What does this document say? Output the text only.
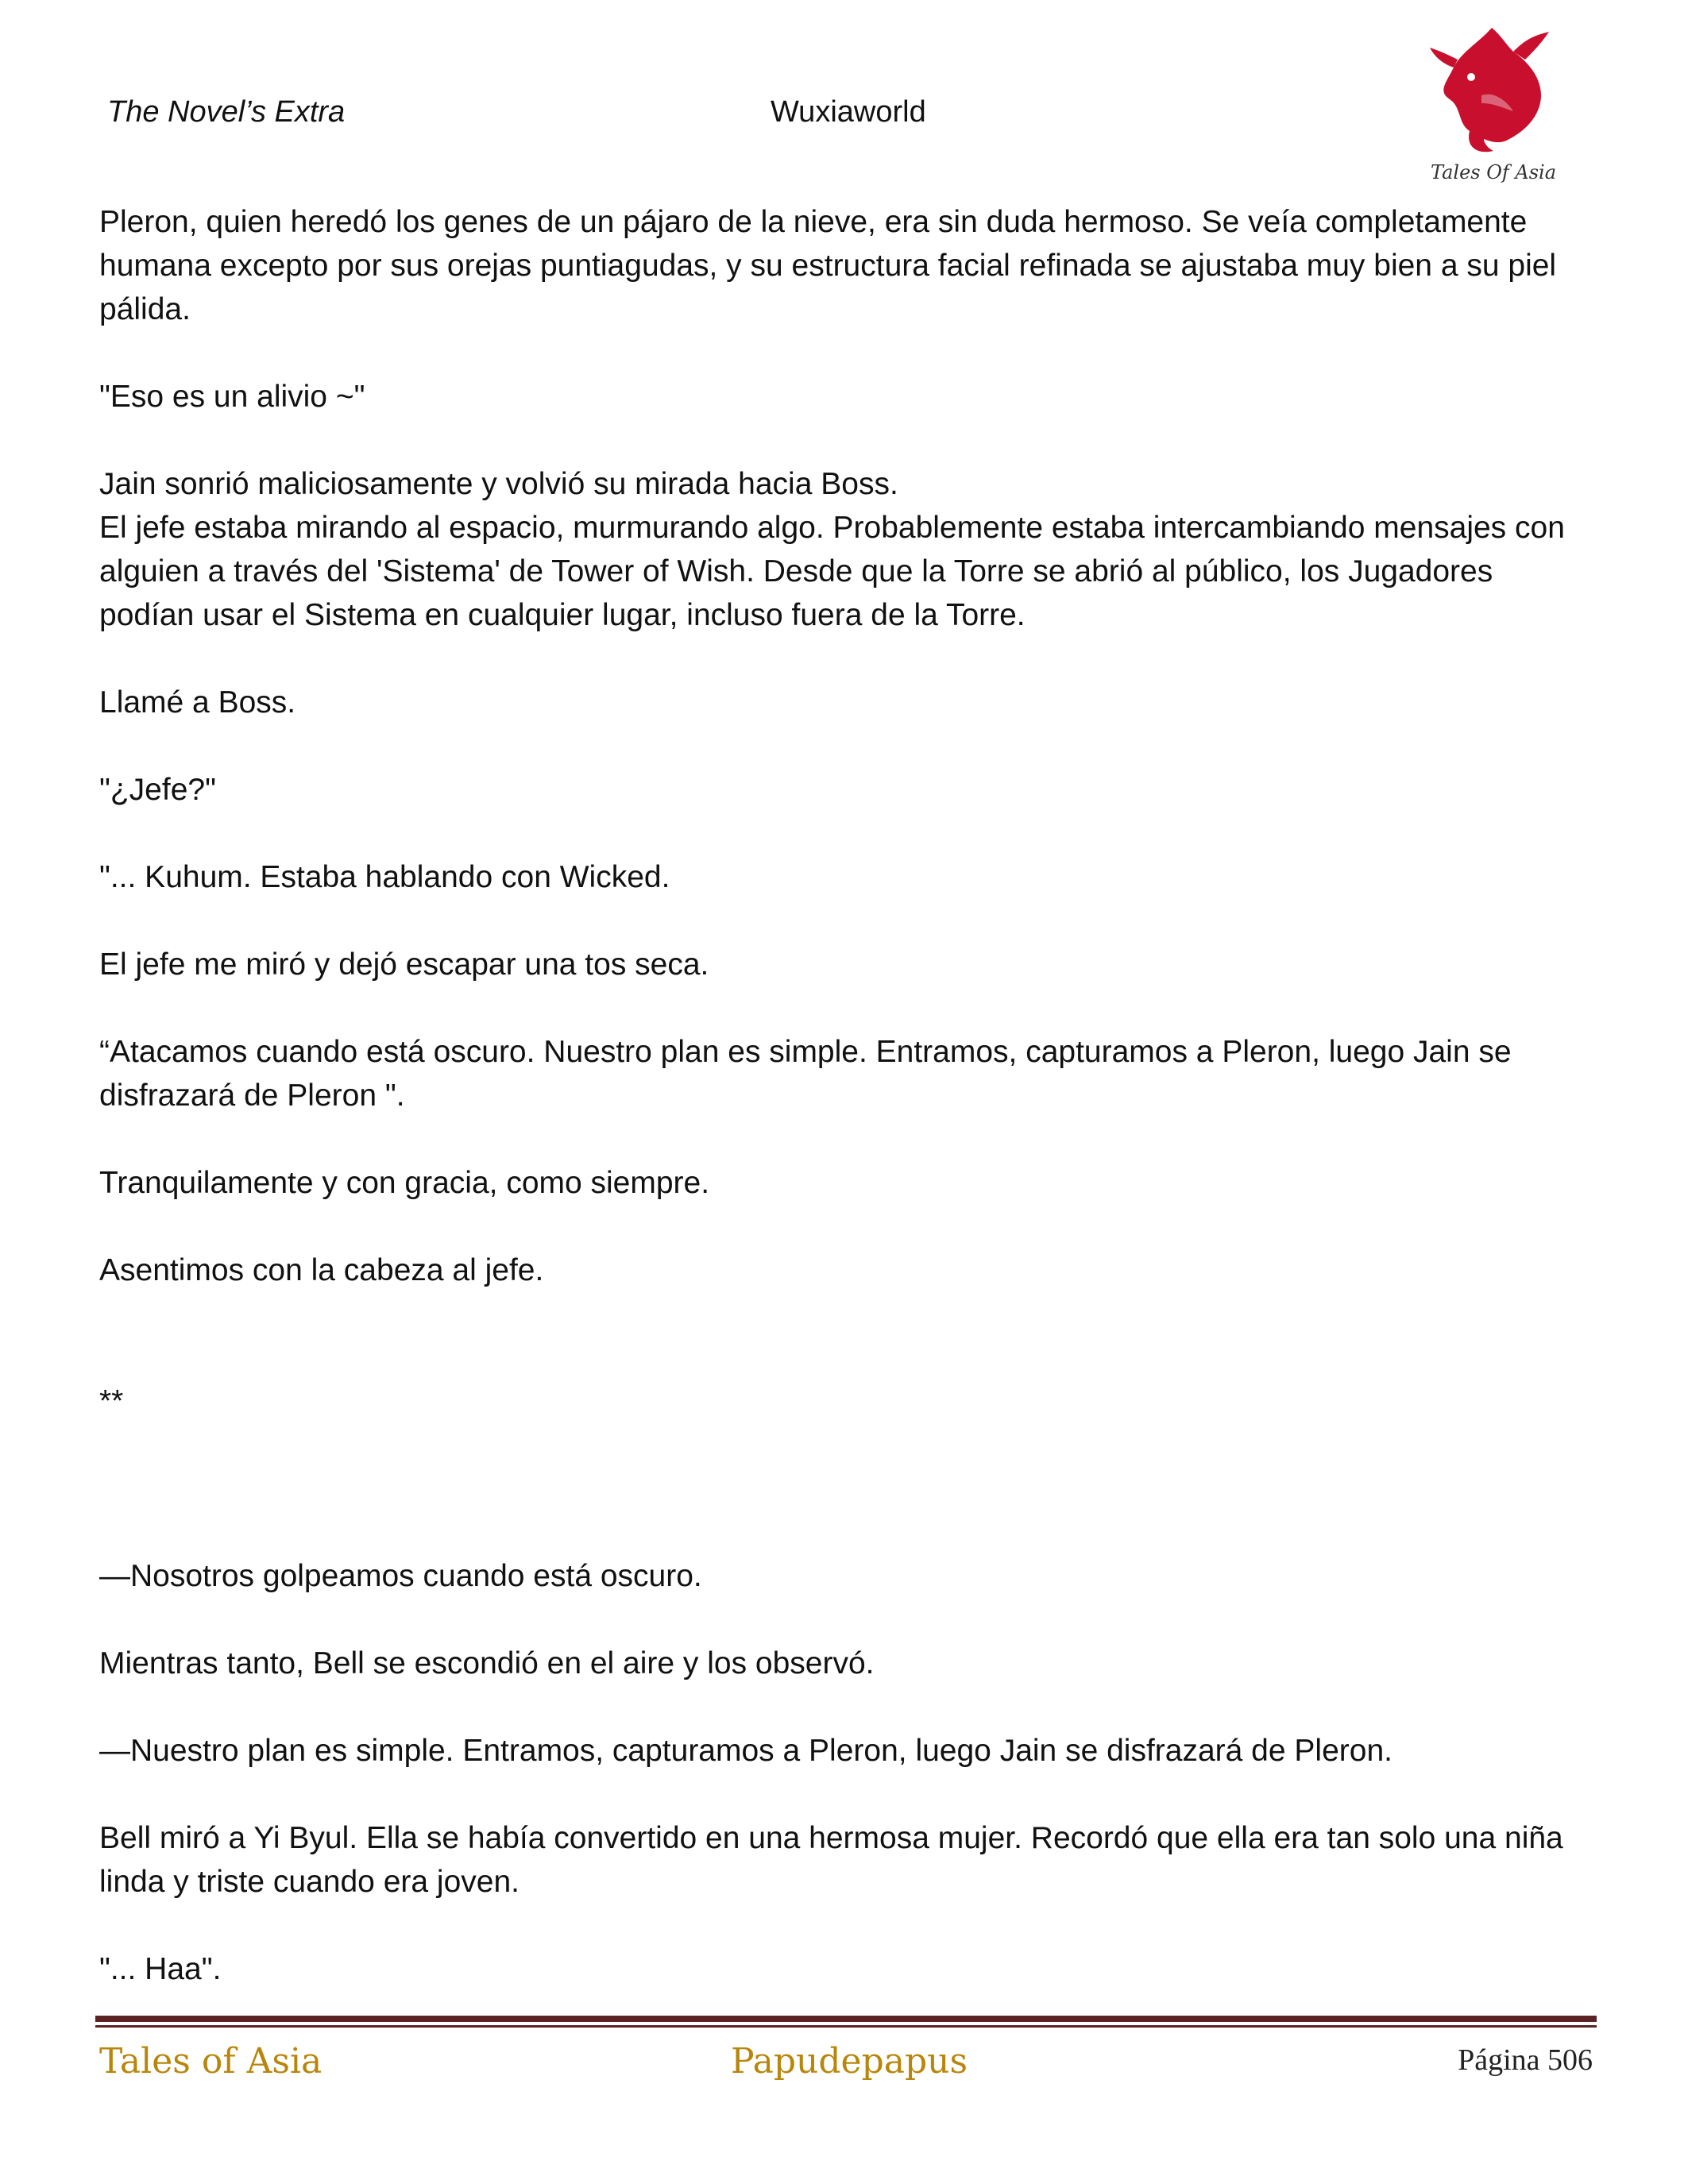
The Novel’s Extra	Wuxiaworld
Tales Of Asia

Pleron, quien heredó los genes de un pájaro de la nieve, era sin duda hermoso. Se veía completamente humana excepto por sus orejas puntiagudas, y su estructura facial refinada se ajustaba muy bien a su piel pálida.

"Eso es un alivio ~"

Jain sonrió maliciosamente y volvió su mirada hacia Boss.

El jefe estaba mirando al espacio, murmurando algo. Probablemente estaba intercambiando mensajes con alguien a través del 'Sistema' de Tower of Wish. Desde que la Torre se abrió al público, los Jugadores podían usar el Sistema en cualquier lugar, incluso fuera de la Torre.

Llamé a Boss.

"¿Jefe?"

"... Kuhum. Estaba hablando con Wicked.

El jefe me miró y dejó escapar una tos seca.

“Atacamos cuando está oscuro. Nuestro plan es simple. Entramos, capturamos a Pleron, luego Jain se disfrazará de Pleron ".

Tranquilamente y con gracia, como siempre.

Asentimos con la cabeza al jefe.

**

—Nosotros golpeamos cuando está oscuro.

Mientras tanto, Bell se escondió en el aire y los observó.

—Nuestro plan es simple. Entramos, capturamos a Pleron, luego Jain se disfrazará de Pleron.

Bell miró a Yi Byul. Ella se había convertido en una hermosa mujer. Recordó que ella era tan solo una niña linda y triste cuando era joven.

"... Haa".

Tales of Asia	Papudepapus	Página 506
